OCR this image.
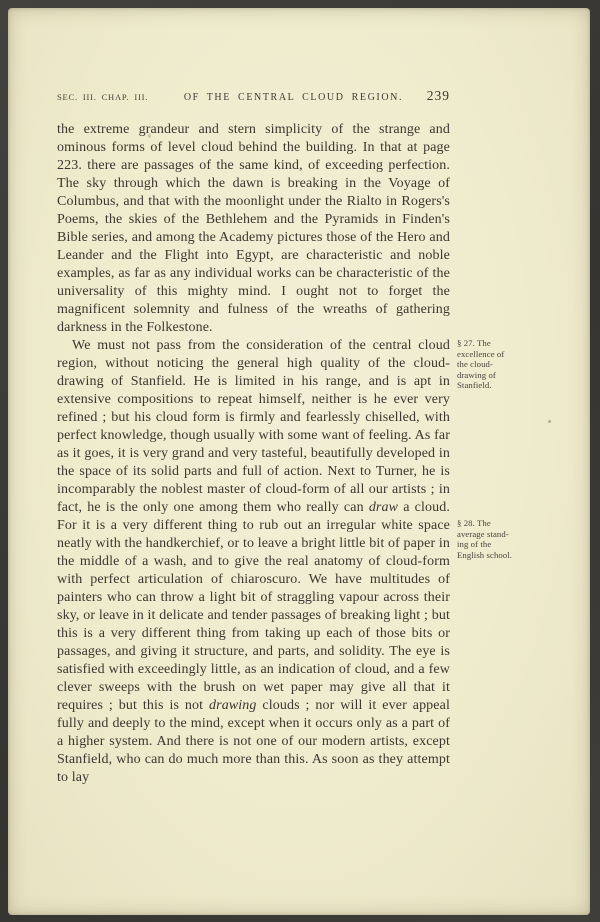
SEC. III. CHAP. III.	OF THE CENTRAL CLOUD REGION. 239

the extreme grandeur and stern simplicity of the strange and ominous forms of level cloud behind the building. In that at page 223. there are passages of the same kind, of exceeding perfection. The sky through which the dawn is breaking in the Voyage of Columbus, and that with the moonlight under the Rialto in Rogers's Poems, the skies of the Bethlehem and the Pyramids in Finden's Bible series, and among the Academy pictures those of the Hero and Leander and the Flight into Egypt, are characteristic and noble examples, as far as any individual works can be characteristic of the universality of this mighty mind. I ought not to forget the magnificent solemnity and fulness of the wreaths of gathering darkness in the Folkestone.

We must not pass from the consideration of the central cloud region, without noticing the general high quality of the cloud-drawing of Stanfield. He is limited in his range, and is apt in extensive compositions to repeat himself, neither is he ever very refined ; but his cloud form is firmly and fearlessly chiselled, with perfect knowledge, though usually with some want of feeling. As far as it goes, it is very grand and very tasteful, beautifully developed in the space of its solid parts and full of action. Next to Turner, he is incomparably the noblest master of cloud-form of all our artists ; in fact, he is the only one among them who really can draw a cloud. For it is a very different thing to rub out an irregular white space neatly with the handkerchief, or to leave a bright little bit of paper in the middle of a wash, and to give the real anatomy of cloud-form with perfect articulation of chiaroscuro. We have multitudes of painters who can throw a light bit of straggling vapour across their sky, or leave in it delicate and tender passages of breaking light ; but this is a very different thing from taking up each of those bits or passages, and giving it structure, and parts, and solidity. The eye is satisfied with exceedingly little, as an indication of cloud, and a few clever sweeps with the brush on wet paper may give all that it requires ; but this is not drawing clouds ; nor will it ever appeal fully and deeply to the mind, except when it occurs only as a part of a higher system. And there is not one of our modern artists, except Stanfield, who can do much more than this. As soon as they attempt to lay

§ 27. The
excellence of
the cloud-
drawing of
Stanfield.
§ 28. The
average stand-
ing of the
English school.
